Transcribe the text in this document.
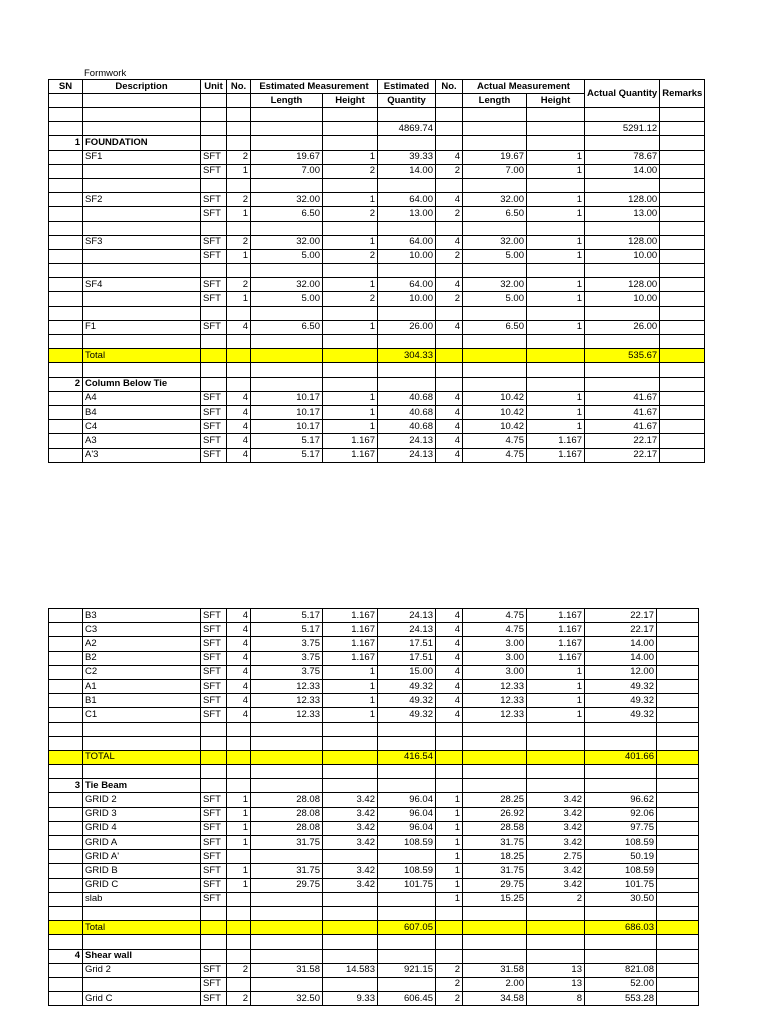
Formwork
SN	Description	Unit	No.	Estimated Measurement		Estimated	No.	Actual Measurement		Actual Quantity	Remarks
				Length	Height	Quantity		Length	Height		

						4869.74				5291.12	
1	FOUNDATION										
	SF1	SFT	2	19.67	1	39.33	4	19.67	1	78.67	
		SFT	1	7.00	2	14.00	2	7.00	1	14.00	

	SF2	SFT	2	32.00	1	64.00	4	32.00	1	128.00	
		SFT	1	6.50	2	13.00	2	6.50	1	13.00	

	SF3	SFT	2	32.00	1	64.00	4	32.00	1	128.00	
		SFT	1	5.00	2	10.00	2	5.00	1	10.00	

	SF4	SFT	2	32.00	1	64.00	4	32.00	1	128.00	
		SFT	1	5.00	2	10.00	2	5.00	1	10.00	

	F1	SFT	4	6.50	1	26.00	4	6.50	1	26.00	

	Total					304.33				535.67	

2	Column Below Tie										
	A4	SFT	4	10.17	1	40.68	4	10.42	1	41.67	
	B4	SFT	4	10.17	1	40.68	4	10.42	1	41.67	
	C4	SFT	4	10.17	1	40.68	4	10.42	1	41.67	
	A3	SFT	4	5.17	1.167	24.13	4	4.75	1.167	22.17	
	A'3	SFT	4	5.17	1.167	24.13	4	4.75	1.167	22.17	
	B3	SFT	4	5.17	1.167	24.13	4	4.75	1.167	22.17	
	C3	SFT	4	5.17	1.167	24.13	4	4.75	1.167	22.17	
	A2	SFT	4	3.75	1.167	17.51	4	3.00	1.167	14.00	
	B2	SFT	4	3.75	1.167	17.51	4	3.00	1.167	14.00	
	C2	SFT	4	3.75	1	15.00	4	3.00	1	12.00	
	A1	SFT	4	12.33	1	49.32	4	12.33	1	49.32	
	B1	SFT	4	12.33	1	49.32	4	12.33	1	49.32	
	C1	SFT	4	12.33	1	49.32	4	12.33	1	49.32	

	TOTAL					416.54				401.66	

3	Tie Beam										
	GRID 2	SFT	1	28.08	3.42	96.04	1	28.25	3.42	96.62	
	GRID 3	SFT	1	28.08	3.42	96.04	1	26.92	3.42	92.06	
	GRID 4	SFT	1	28.08	3.42	96.04	1	28.58	3.42	97.75	
	GRID A	SFT	1	31.75	3.42	108.59	1	31.75	3.42	108.59	
	GRID A'	SFT					1	18.25	2.75	50.19	
	GRID B	SFT	1	31.75	3.42	108.59	1	31.75	3.42	108.59	
	GRID C	SFT	1	29.75	3.42	101.75	1	29.75	3.42	101.75	
	slab	SFT					1	15.25	2	30.50	

	Total					607.05				686.03	

4	Shear wall										
	Grid 2	SFT	2	31.58	14.583	921.15	2	31.58	13	821.08	
		SFT					2	2.00	13	52.00	
	Grid C	SFT	2	32.50	9.33	606.45	2	34.58	8	553.28	
